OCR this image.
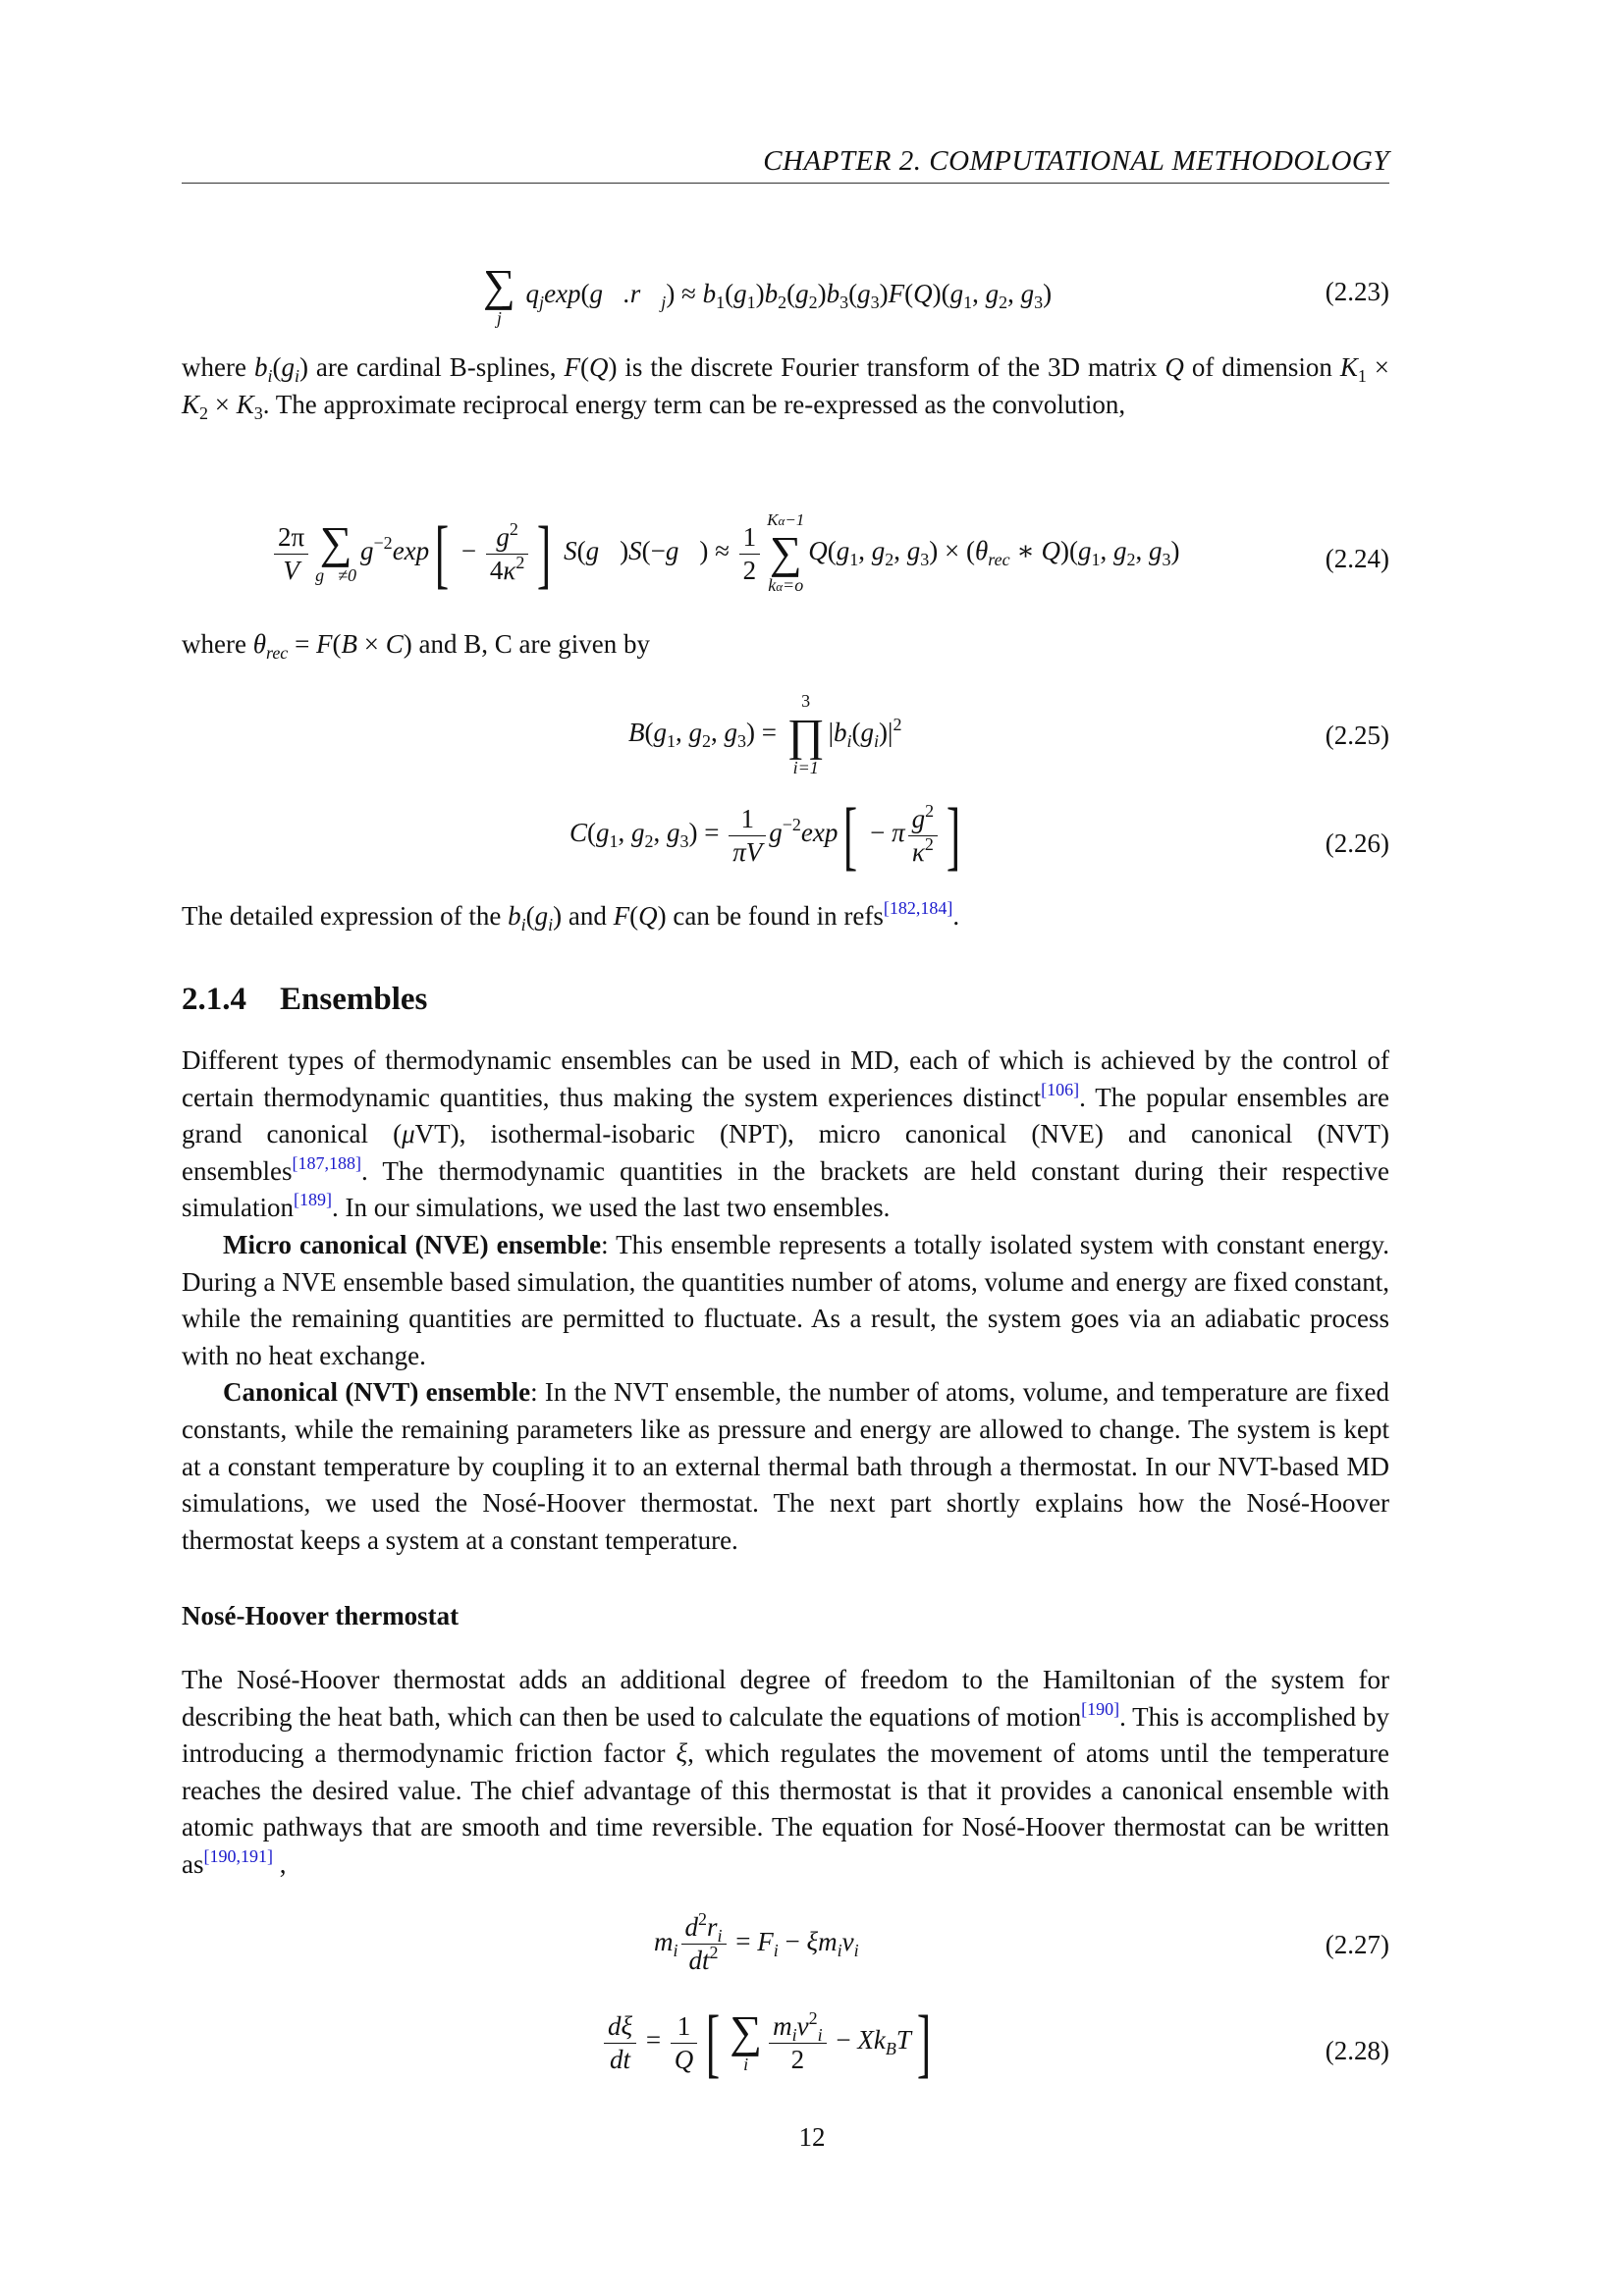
CHAPTER 2. COMPUTATIONAL METHODOLOGY
∑
j
$q_j\exp(g⃗.r⃗_j) \approx b_1(g_1)b_2(g_2)b_3(g_3)F(Q)(g_1$, $g_2$, $g_3$)	(2.23)

where $b_i(g_i)$ are cardinal B-splines, F(Q) is the discrete Fourier transform of the 3D matrix Q of dimension $K_1 \times K_2 \times K_3$. The approximate reciprocal energy term can be re-expressed as the convolution,

$\frac{2\pi}{V}$ ∑
g⃗≠0
$g^{-2}\exp[ - \frac{g^2}{4\kappa^2}$ ] S(g⃗)S(−g⃗) ≈ $\frac{1}{2}$
Kα−1
∑
kα=o
$Q(g_1$, $g_2$, $g_3) \times (\theta_{rec}$ ∗ $Q)(g_1$, $g_2$, $g_3$)	(2.24)

where $\theta_{rec} = F(B \times C)$ and B, C are given by

$B(g_1$, $g_2$, $g_3$) =
3
∏
i=1
$|b_i(g_i)|^2$	(2.25)
$C(g_1$, $g_2$, $g_3) = \frac{1}{\pi V} g^{-2}\exp[ - \pi \frac{g^2}{\kappa^2}$ ]	(2.26)

The detailed expression of the $b_i(g_i)$ and F(Q) can be found in refs[182,184].

2.1.4 Ensembles

Different types of thermodynamic ensembles can be used in MD, each of which is achieved by the control of certain thermodynamic quantities, thus making the system experiences distinct[106]. The popular ensembles are grand canonical (μVT), isothermal-isobaric (NPT), micro canonical (NVE) and canonical (NVT) ensembles[187,188]. The thermodynamic quantities in the brackets are held constant during their respective simulation[189]. In our simulations, we used the last two ensembles.

Micro canonical (NVE) ensemble: This ensemble represents a totally isolated system with constant energy. During a NVE ensemble based simulation, the quantities number of atoms, volume and energy are fixed constant, while the remaining quantities are permitted to fluctuate. As a result, the system goes via an adiabatic process with no heat exchange.

Canonical (NVT) ensemble: In the NVT ensemble, the number of atoms, volume, and temperature are fixed constants, while the remaining parameters like as pressure and energy are allowed to change. The system is kept at a constant temperature by coupling it to an external thermal bath through a thermostat. In our NVT-based MD simulations, we used the Nosé-Hoover thermostat. The next part shortly explains how the Nosé-Hoover thermostat keeps a system at a constant temperature.

Nosé-Hoover thermostat

The Nosé-Hoover thermostat adds an additional degree of freedom to the Hamiltonian of the system for describing the heat bath, which can then be used to calculate the equations of motion[190]. This is accomplished by introducing a thermodynamic friction factor ξ, which regulates the movement of atoms until the temperature reaches the desired value. The chief advantage of this thermostat is that it provides a canonical ensemble with atomic pathways that are smooth and time reversible. The equation for Nosé-Hoover thermostat can be written as[190,191] ,

$m_i \frac{d^2r_i}{dt^2} = F_i - \xi m_iv_i$	(2.27)
$\frac{d\xi}{dt} = \frac{1}{Q}$ [ ∑
i $\frac{m_iv^2_i}{2} - Xk_BT$]	(2.28)
12
